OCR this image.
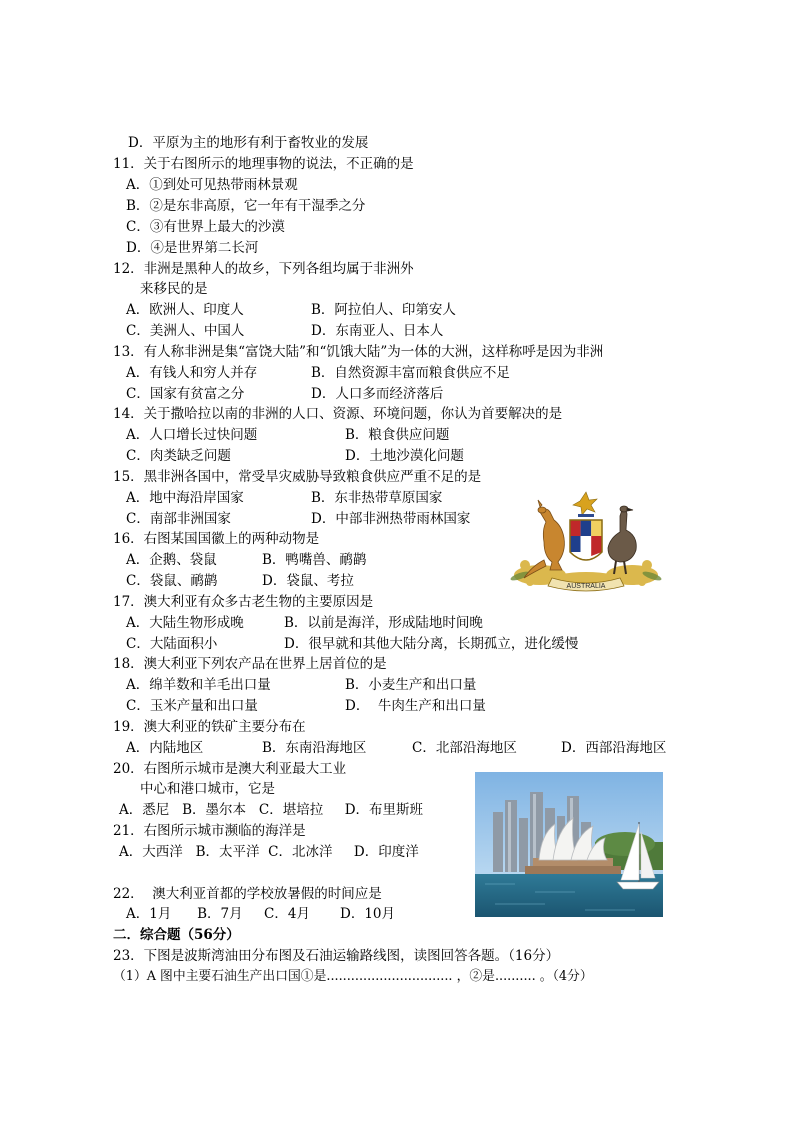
D．平原为主的地形有利于畜牧业的发展
11．关于右图所示的地理事物的说法，不正确的是
A．①到处可见热带雨林景观
B．②是东非高原，它一年有干湿季之分
C．③有世界上最大的沙漠
D．④是世界第二长河
12．非洲是黑种人的故乡，下列各组均属于非洲外
来移民的是
A．欧洲人、印度人	B．阿拉伯人、印第安人
C．美洲人、中国人	D．东南亚人、日本人
13．有人称非洲是集“富饶大陆”和“饥饿大陆”为一体的大洲，这样称呼是因为非洲
A．有钱人和穷人并存	B．自然资源丰富而粮食供应不足
C．国家有贫富之分	D．人口多而经济落后
14．关于撒哈拉以南的非洲的人口、资源、环境问题，你认为首要解决的是
A．人口增长过快问题	B．粮食供应问题
C．肉类缺乏问题	D．土地沙漠化问题
15．黑非洲各国中，常受旱灾威胁导致粮食供应严重不足的是
A．地中海沿岸国家	B．东非热带草原国家
C．南部非洲国家	D．中部非洲热带雨林国家
16．右图某国国徽上的两种动物是
A．企鹅、袋鼠	B．鸭嘴兽、鸸鹋
C．袋鼠、鸸鹋	D．袋鼠、考拉
17．澳大利亚有众多古老生物的主要原因是
A．大陆生物形成晚	B．以前是海洋，形成陆地时间晚
C．大陆面积小	D．很早就和其他大陆分离，长期孤立，进化缓慢
18．澳大利亚下列农产品在世界上居首位的是
A．绵羊数和羊毛出口量	B．小麦生产和出口量
C．玉米产量和出口量	D．  牛肉生产和出口量
19．澳大利亚的铁矿主要分布在
A．内陆地区	B．东南沿海地区	C．北部沿海地区	D．西部沿海地区
20．右图所示城市是澳大利亚最大工业
中心和港口城市，它是
A．悉尼   B．墨尔本   C．堪培拉     D．布里斯班
21．右图所示城市濒临的海洋是
A．大西洋   B．太平洋  C．北冰洋     D．印度洋
22．  澳大利亚首都的学校放暑假的时间应是
A．1月      B．7月     C．4月       D．10月
二．综合题（56分）
23．下图是波斯湾油田分布图及石油运输路线图，读图回答各题。（16分）
（1）A 图中主要石油生产出口国①是............................... ，②是.......... 。（4分）
AUSTRALIA
